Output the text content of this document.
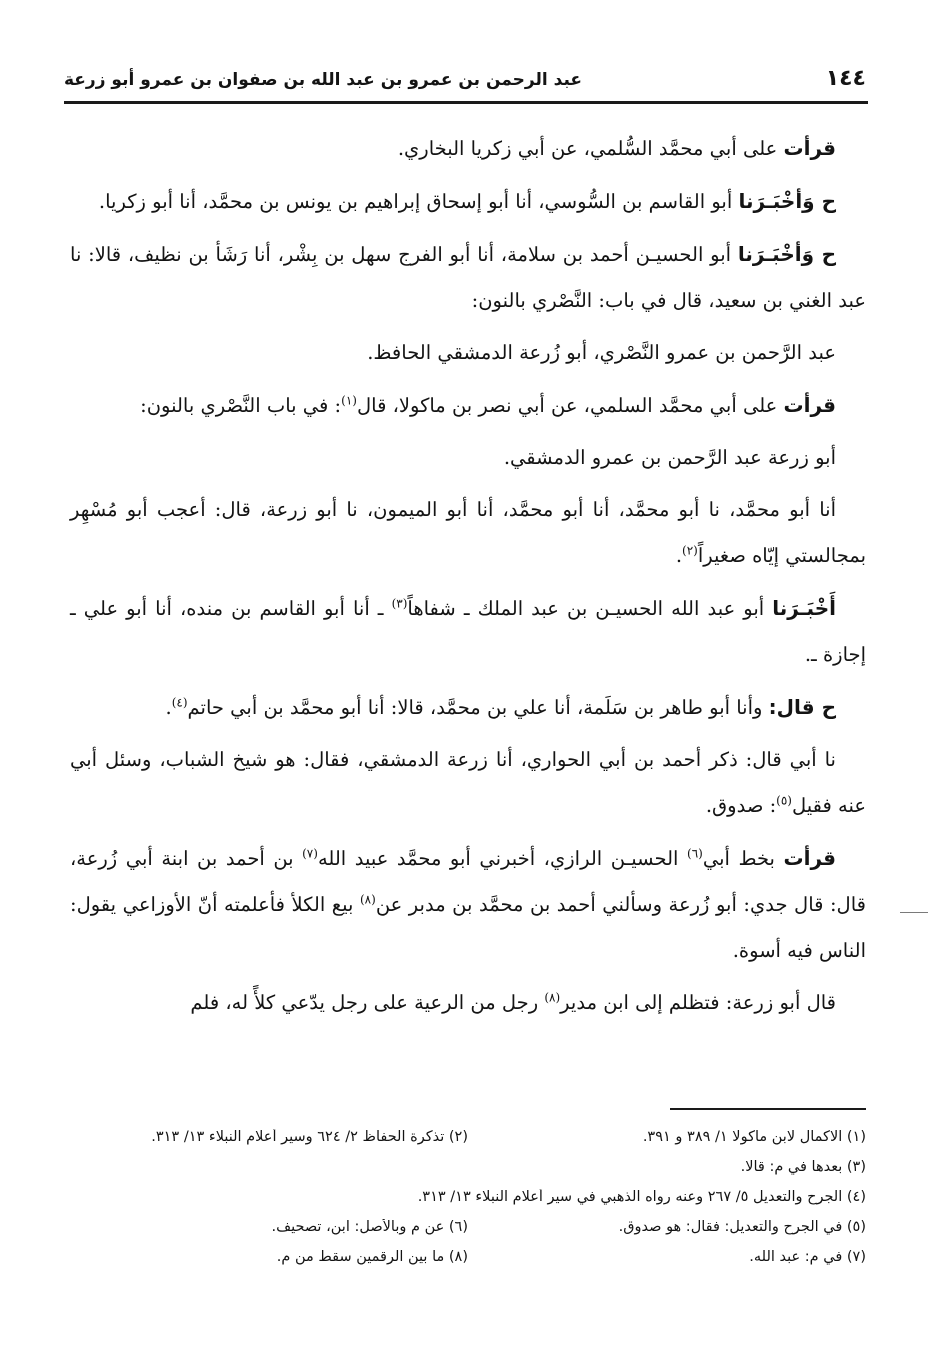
١٤٤
عبد الرحمن بن عمرو بن عبد الله بن صفوان بن عمرو أبو زرعة

قرأت على أبي محمَّد السُّلمي، عن أبي زكريا البخاري.

ح وَأخْبَـرَنا أبو القاسم بن السُّوسي، أنا أبو إسحاق إبراهيم بن يونس بن محمَّد، أنا أبو زكريا.

ح وَأخْبَـرَنا أبو الحسيـن أحمد بن سلامة، أنا أبو الفرج سهل بن بِشْر، أنا رَشَأ بن نظيف، قالا: نا عبد الغني بن سعيد، قال في باب: النَّصْري بالنون:

عبد الرَّحمن بن عمرو النَّصْري، أبو زُرعة الدمشقي الحافظ.

قرأت على أبي محمَّد السلمي، عن أبي نصر بن ماكولا، قال$^{(١)}$: في باب النَّصْري بالنون:

أبو زرعة عبد الرَّحمن بن عمرو الدمشقي.

أنا أبو محمَّد، نا أبو محمَّد، أنا أبو محمَّد، أنا أبو الميمون، نا أبو زرعة، قال: أعجب أبو مُسْهِر بمجالستي إيّاه صغيراً$^{(٢)}$.

أَخْبَـرَنا أبو عبد الله الحسيـن بن عبد الملك ـ شفاهاً$^{(٣)}$ ـ أنا أبو القاسم بن منده، أنا أبو علي ـ إجازة ـ.

ح قال: وأنا أبو طاهر بن سَلَمة، أنا علي بن محمَّد، قالا: أنا أبو محمَّد بن أبي حاتم$^{(٤)}$.

نا أبي قال: ذكر أحمد بن أبي الحواري، أنا زرعة الدمشقي، فقال: هو شيخ الشباب، وسئل أبي عنه فقيل$^{(٥)}$: صدوق.

قرأت بخط أبي$^{(٦)}$ الحسيـن الرازي، أخبرني أبو محمَّد عبيد الله$^{(٧)}$ بن أحمد بن ابنة أبي زُرعة، قال: قال جدي: أبو زُرعة وسألني أحمد بن محمَّد بن مدبر عن$^{(٨)}$ بيع الكلأ فأعلمته أنّ الأوزاعي يقول: الناس فيه أسوة.

قال أبو زرعة: فتظلم إلى ابن مدير$^{(٨)}$ رجل من الرعية على رجل يدّعي كلأً له، فلم

(١) الاكمال لابن ماكولا ١/ ٣٨٩ و ٣٩١.
(٢) تذكرة الحفاظ ٢/ ٦٢٤ وسير أعلام النبلاء ١٣/ ٣١٣.
(٣) بعدها في م: قالا.
(٤) الجرح والتعديل ٥/ ٢٦٧ وعنه رواه الذهبي في سير أعلام النبلاء ١٣/ ٣١٣.
(٥) في الجرح والتعديل: فقال: هو صدوق.
(٦) عن م وبالأصل: ابن، تصحيف.
(٧) في م: عبد الله.
(٨) ما بين الرقمين سقط من م.
